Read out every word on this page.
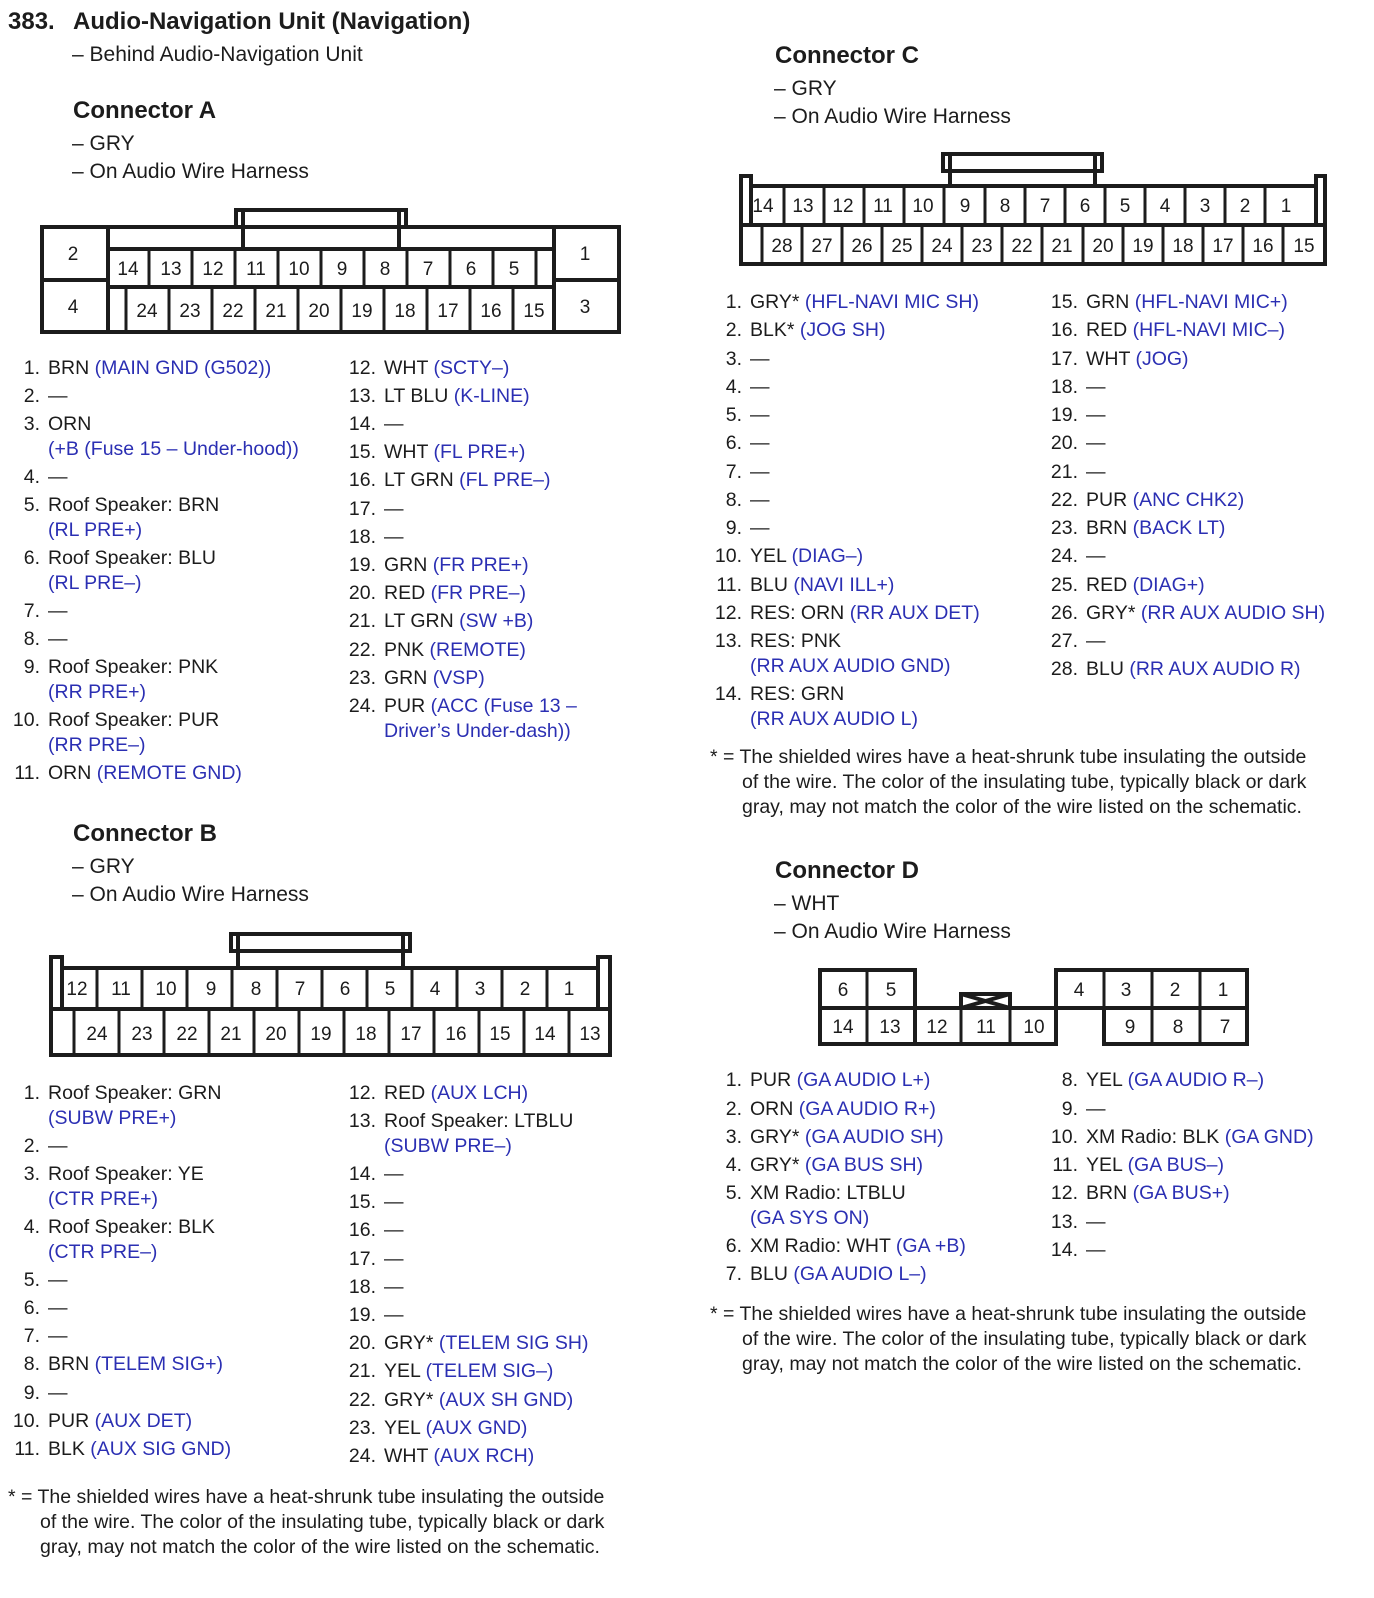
383. Audio-Navigation Unit (Navigation)
– Behind Audio-Navigation Unit
Connector A
– GRY
– On Audio Wire Harness
2
4
1
3
14 13 12 11 10 9 8 7 6 5
24 23 22 21 20 19 18 17 16 15
1. BRN (MAIN GND (G502))
2. —
3. ORN
(+B (Fuse 15 – Under-hood))
4. —
5. Roof Speaker: BRN
(RL PRE+)
6. Roof Speaker: BLU
(RL PRE–)
7. —
8. —
9. Roof Speaker: PNK
(RR PRE+)
10. Roof Speaker: PUR
(RR PRE–)
11. ORN (REMOTE GND)
12. WHT (SCTY–)
13. LT BLU (K-LINE)
14. —
15. WHT (FL PRE+)
16. LT GRN (FL PRE–)
17. —
18. —
19. GRN (FR PRE+)
20. RED (FR PRE–)
21. LT GRN (SW +B)
22. PNK (REMOTE)
23. GRN (VSP)
24. PUR (ACC (Fuse 13 –
Driver’s Under-dash))
Connector B
– GRY
– On Audio Wire Harness
12 11 10 9 8 7 6 5 4 3 2 1
24 23 22 21 20 19 18 17 16 15 14 13
1. Roof Speaker: GRN
(SUBW PRE+)
2. —
3. Roof Speaker: YE
(CTR PRE+)
4. Roof Speaker: BLK
(CTR PRE–)
5. —
6. —
7. —
8. BRN (TELEM SIG+)
9. —
10. PUR (AUX DET)
11. BLK (AUX SIG GND)
12. RED (AUX LCH)
13. Roof Speaker: LTBLU
(SUBW PRE–)
14. —
15. —
16. —
17. —
18. —
19. —
20. GRY* (TELEM SIG SH)
21. YEL (TELEM SIG–)
22. GRY* (AUX SH GND)
23. YEL (AUX GND)
24. WHT (AUX RCH)
* = The shielded wires have a heat-shrunk tube insulating the outside
of the wire. The color of the insulating tube, typically black or dark
gray, may not match the color of the wire listed on the schematic.
Connector C
– GRY
– On Audio Wire Harness
14 13 12 11 10 9 8 7 6 5 4 3 2 1
28 27 26 25 24 23 22 21 20 19 18 17 16 15
1. GRY* (HFL-NAVI MIC SH)
2. BLK* (JOG SH)
3. —
4. —
5. —
6. —
7. —
8. —
9. —
10. YEL (DIAG–)
11. BLU (NAVI ILL+)
12. RES: ORN (RR AUX DET)
13. RES: PNK
(RR AUX AUDIO GND)
14. RES: GRN
(RR AUX AUDIO L)
15. GRN (HFL-NAVI MIC+)
16. RED (HFL-NAVI MIC–)
17. WHT (JOG)
18. —
19. —
20. —
21. —
22. PUR (ANC CHK2)
23. BRN (BACK LT)
24. —
25. RED (DIAG+)
26. GRY* (RR AUX AUDIO SH)
27. —
28. BLU (RR AUX AUDIO R)
* = The shielded wires have a heat-shrunk tube insulating the outside
of the wire. The color of the insulating tube, typically black or dark
gray, may not match the color of the wire listed on the schematic.
Connector D
– WHT
– On Audio Wire Harness
6 5	4 3 2 1
14 13 12 11 10	9 8 7
1. PUR (GA AUDIO L+)
2. ORN (GA AUDIO R+)
3. GRY* (GA AUDIO SH)
4. GRY* (GA BUS SH)
5. XM Radio: LTBLU
(GA SYS ON)
6. XM Radio: WHT (GA +B)
7. BLU (GA AUDIO L–)
8. YEL (GA AUDIO R–)
9. —
10. XM Radio: BLK (GA GND)
11. YEL (GA BUS–)
12. BRN (GA BUS+)
13. —
14. —
* = The shielded wires have a heat-shrunk tube insulating the outside
of the wire. The color of the insulating tube, typically black or dark
gray, may not match the color of the wire listed on the schematic.
